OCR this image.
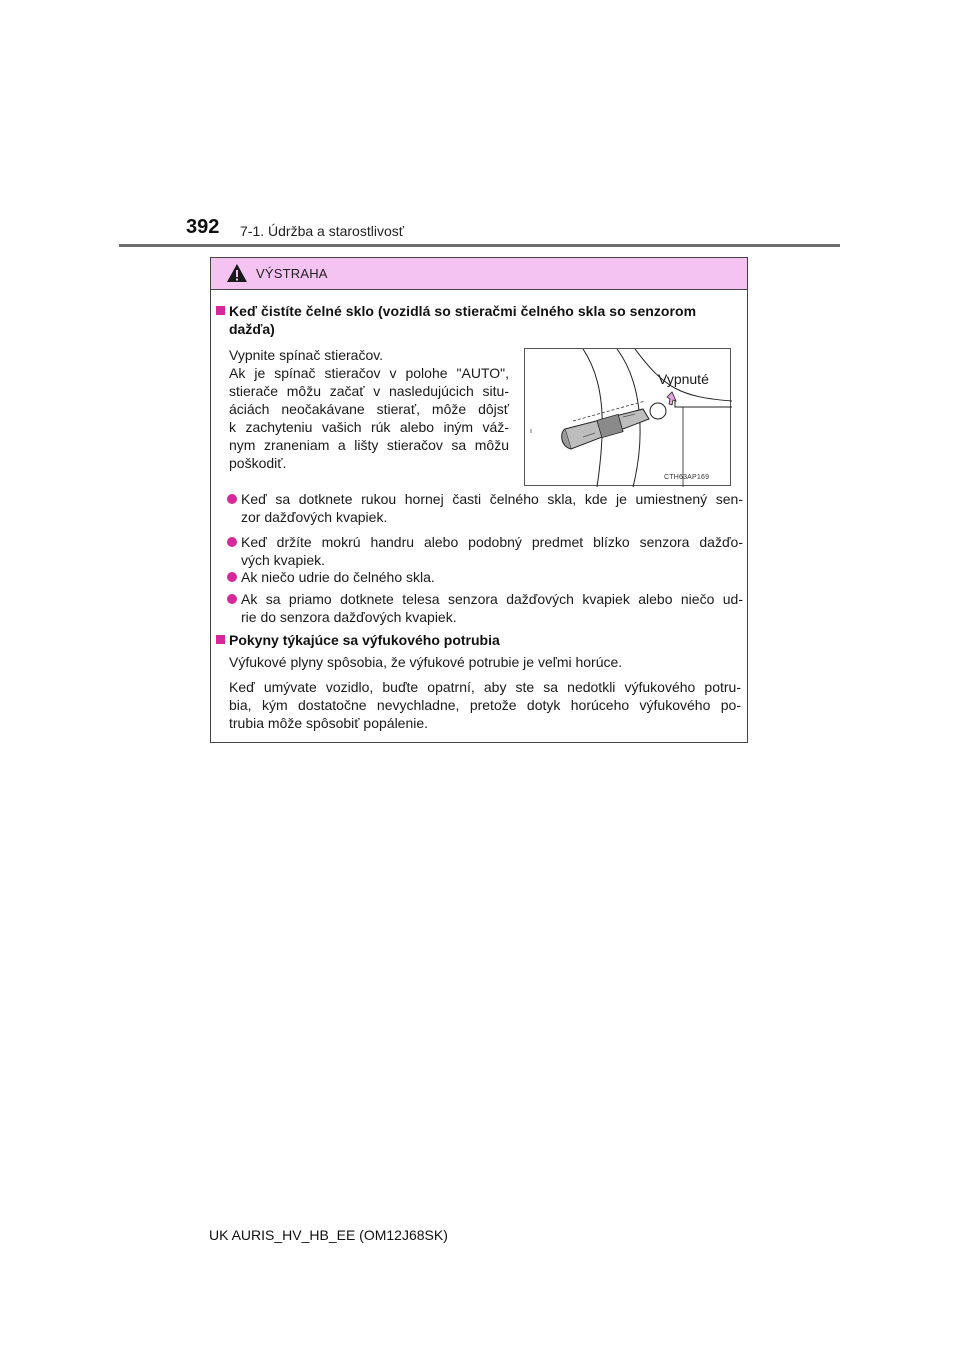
392 7-1. Údržba a starostlivosť
VÝSTRAHA
Keď čistíte čelné sklo (vozidlá so stieračmi čelného skla so senzorom
dažďa)
Vypnite spínač stieračov.
Ak je spínač stieračov v polohe "AUTO",
stierače môžu začať v nasledujúcich situ-
áciách neočakávane stierať, môže dôjsť
k zachyteniu vašich rúk alebo iným váž-
nym zraneniam a lišty stieračov sa môžu
poškodiť.
Vypnuté
CTH63AP169
Keď sa dotknete rukou hornej časti čelného skla, kde je umiestnený sen-
zor dažďových kvapiek.
Keď držíte mokrú handru alebo podobný predmet blízko senzora dažďo-
vých kvapiek.
Ak niečo udrie do čelného skla.
Ak sa priamo dotknete telesa senzora dažďových kvapiek alebo niečo ud-
rie do senzora dažďových kvapiek.
Pokyny týkajúce sa výfukového potrubia
Výfukové plyny spôsobia, že výfukové potrubie je veľmi horúce.
Keď umývate vozidlo, buďte opatrní, aby ste sa nedotkli výfukového potru-
bia, kým dostatočne nevychladne, pretože dotyk horúceho výfukového po-
trubia môže spôsobiť popálenie.
UK AURIS_HV_HB_EE (OM12J68SK)
